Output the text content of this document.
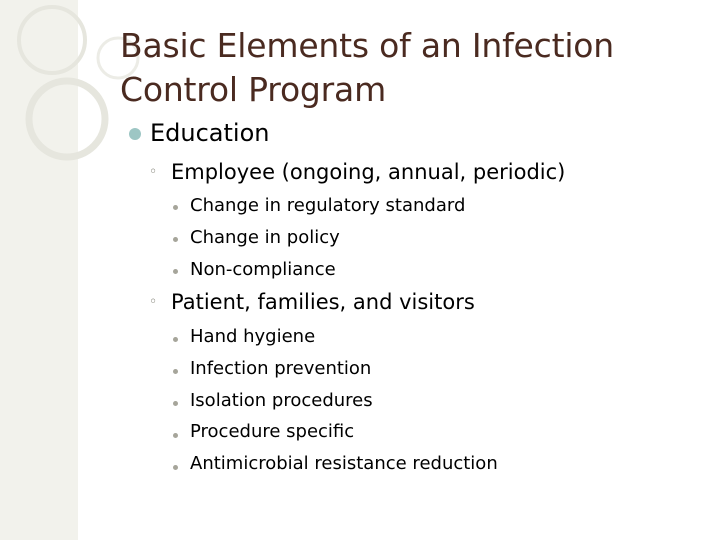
Basic Elements of an Infection Control Program
Education
◦ Employee (ongoing, annual, periodic)
Change in regulatory standard
Change in policy
Non-compliance
◦ Patient, families, and visitors
Hand hygiene
Infection prevention
Isolation procedures
Procedure specific
Antimicrobial resistance reduction
